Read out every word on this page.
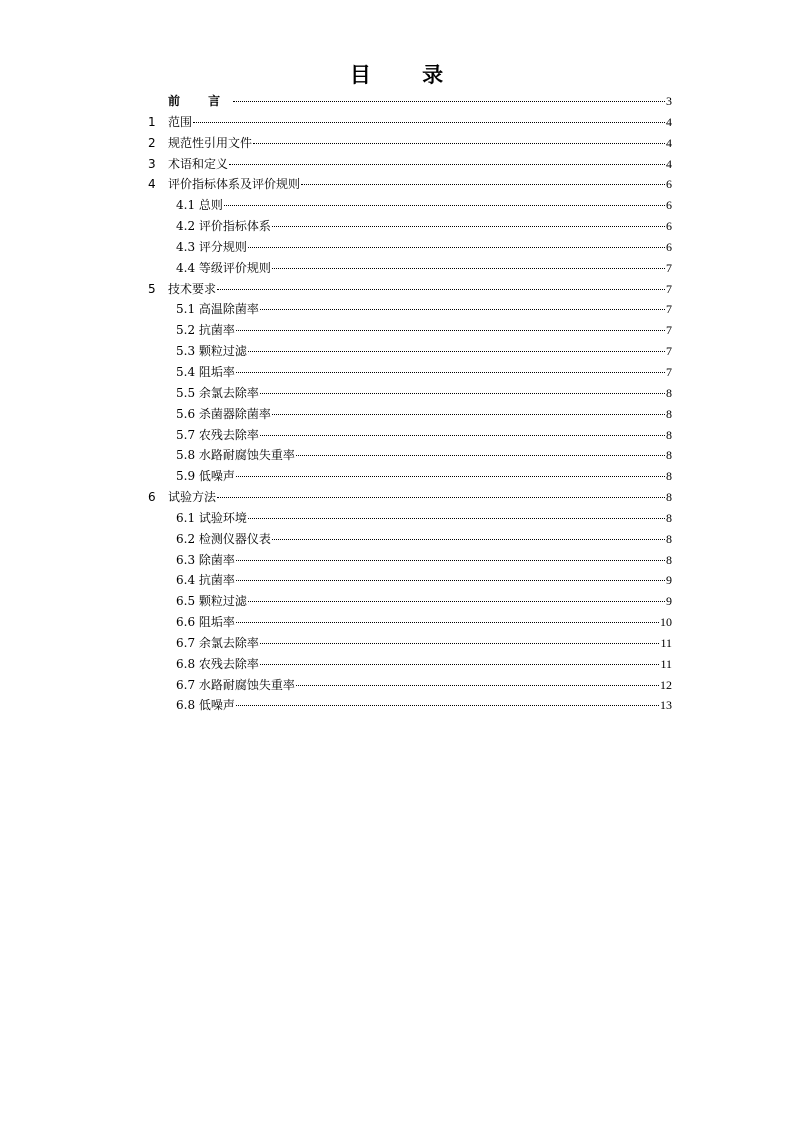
目 录
前 言	3
1	范围	4
2	规范性引用文件	4
3	术语和定义	4
4	评价指标体系及评价规则	6
4.1 总则	6
4.2 评价指标体系	6
4.3 评分规则	6
4.4 等级评价规则	7
5	技术要求	7
5.1 高温除菌率	7
5.2 抗菌率	7
5.3 颗粒过滤	7
5.4 阻垢率	7
5.5 余氯去除率	8
5.6 杀菌器除菌率	8
5.7 农残去除率	8
5.8 水路耐腐蚀失重率	8
5.9 低噪声	8
6	试验方法	8
6.1 试验环境	8
6.2 检测仪器仪表	8
6.3 除菌率	8
6.4 抗菌率	9
6.5 颗粒过滤	9
6.6 阻垢率	10
6.7 余氯去除率	11
6.8 农残去除率	11
6.7 水路耐腐蚀失重率	12
6.8 低噪声	13
